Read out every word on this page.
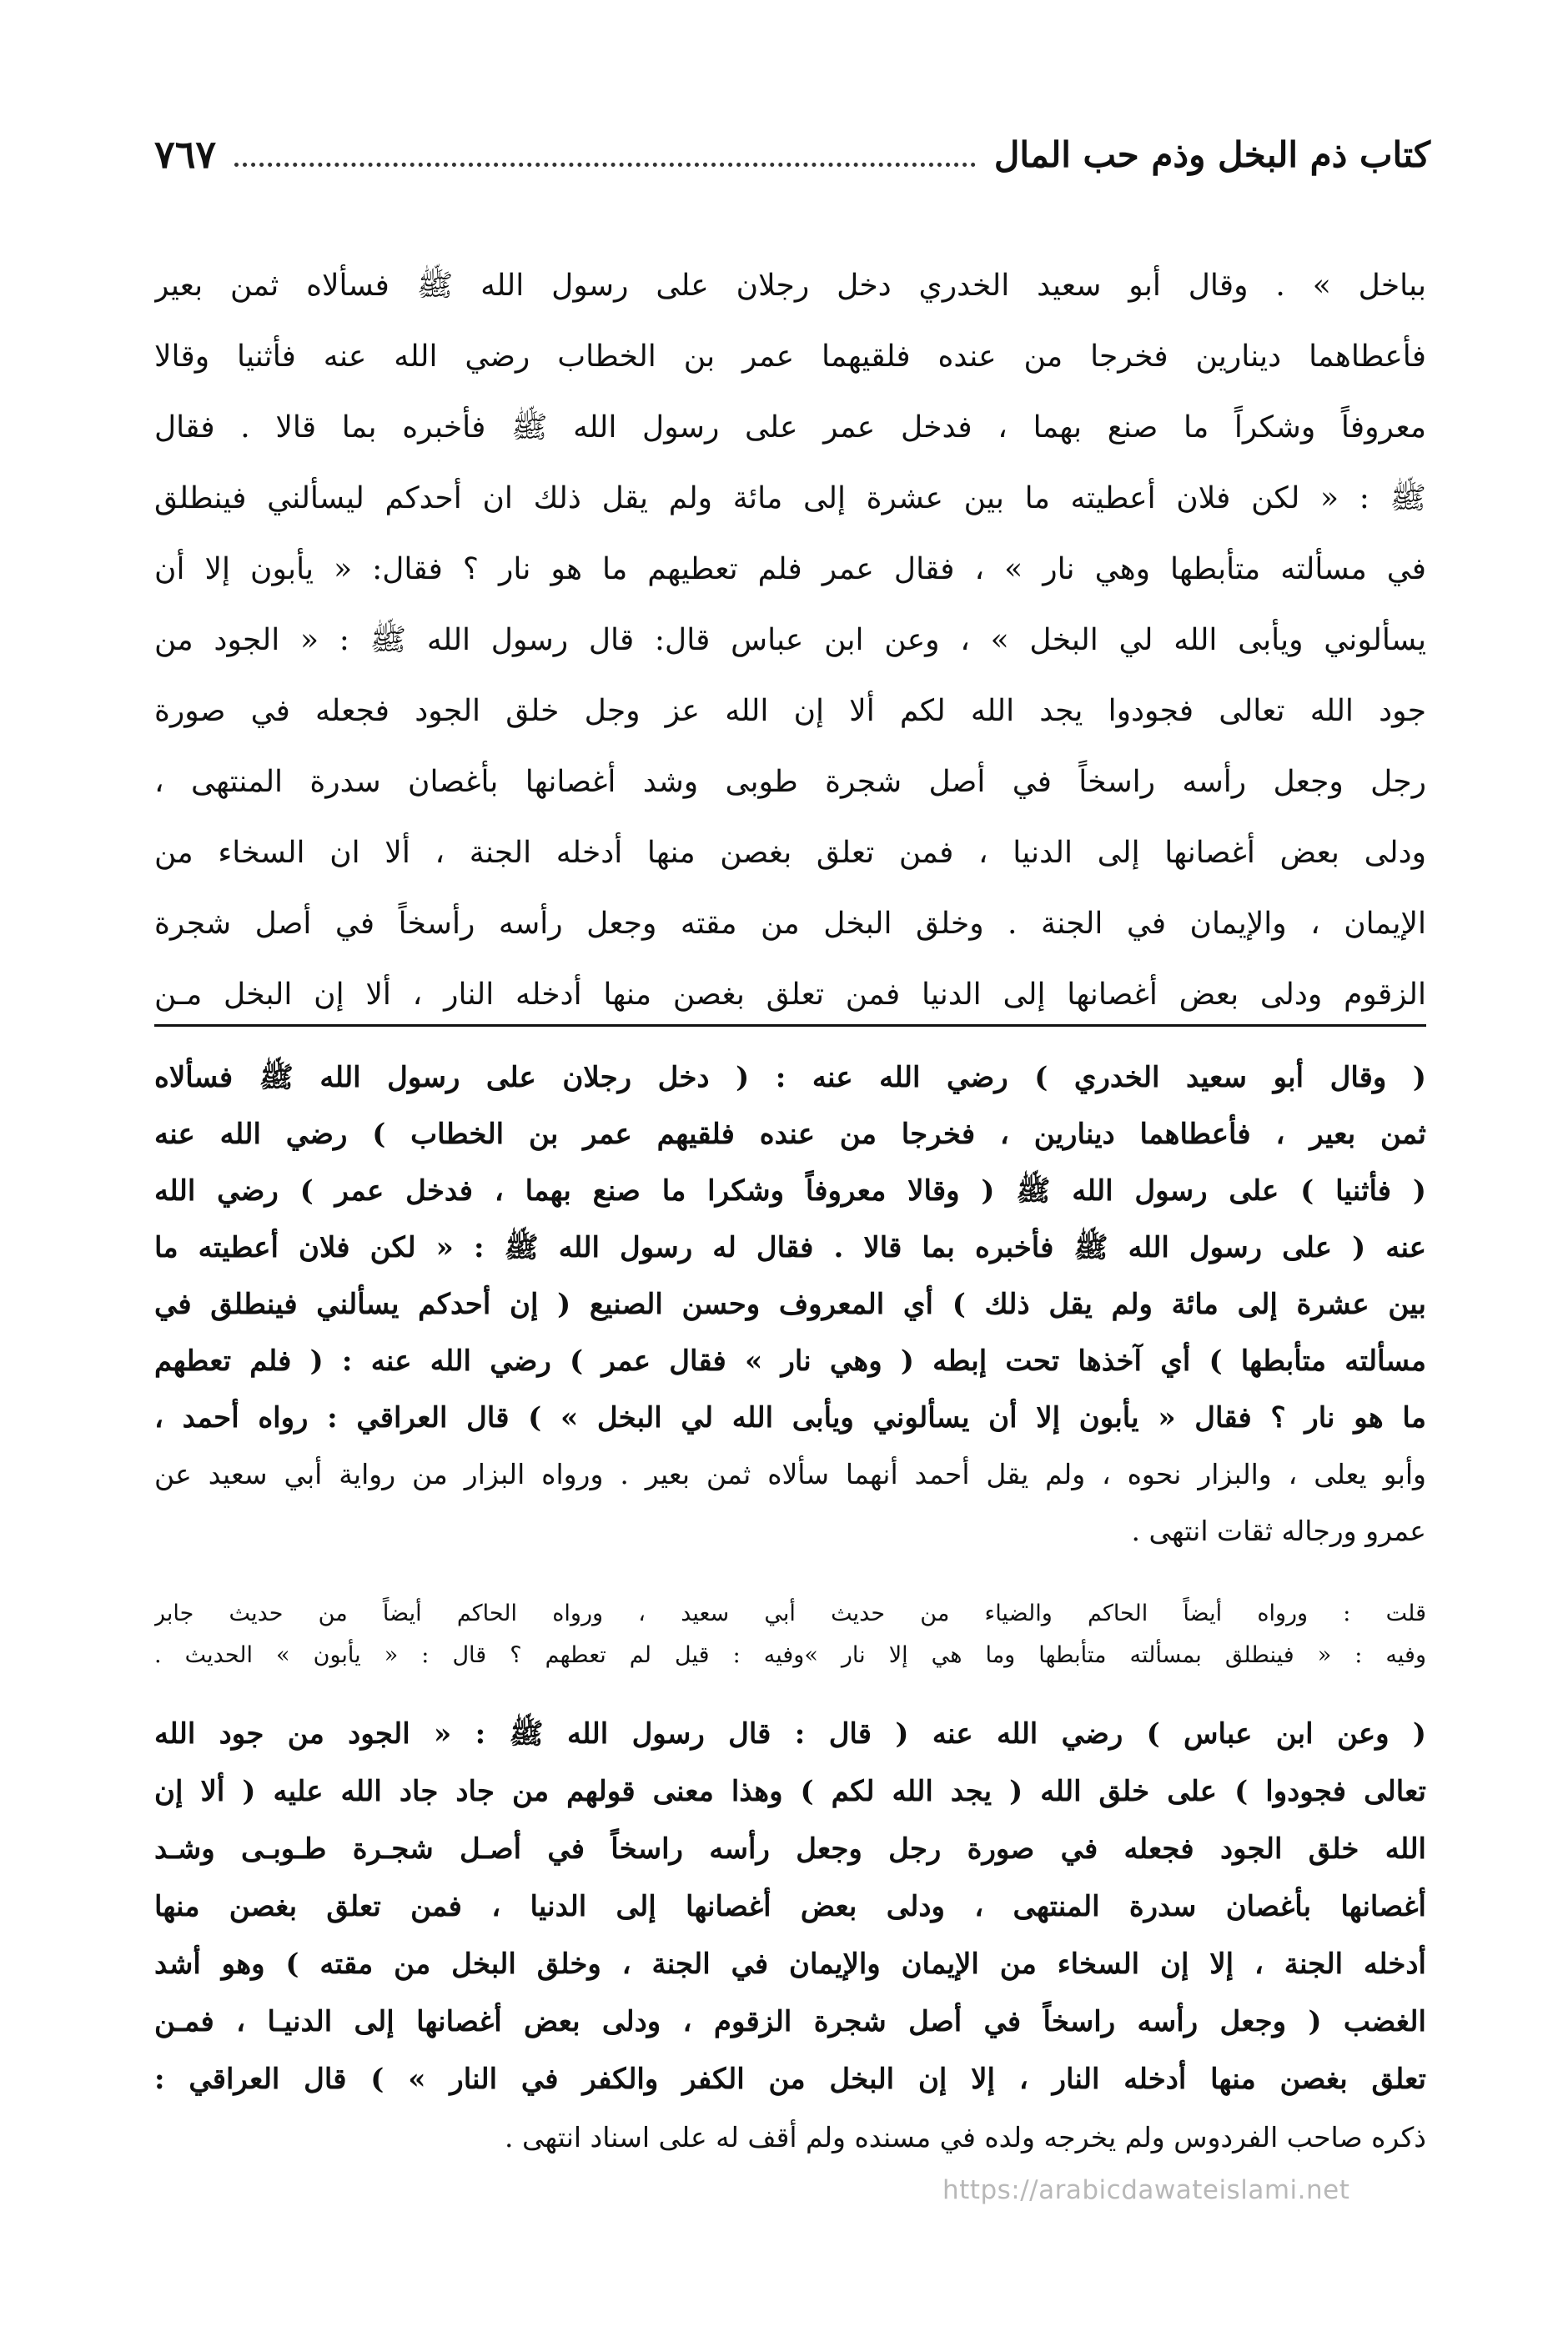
كتاب ذم البخل وذم حب المال
٧٦٧
بباخل » . وقال أبو سعيد الخدري دخل رجلان على رسول الله ﷺ فسألاه ثمن بعير
فأعطاهما دينارين فخرجا من عنده فلقيهما عمر بن الخطاب رضي الله عنه فأثنيا وقالا
معروفاً وشكراً ما صنع بهما ، فدخل عمر على رسول الله ﷺ فأخبره بما قالا . فقال
ﷺ : « لكن فلان أعطيته ما بين عشرة إلى مائة ولم يقل ذلك ان أحدكم ليسألني فينطلق
في مسألته متأبطها وهي نار » ، فقال عمر فلم تعطيهم ما هو نار ؟ فقال: « يأبون إلا أن
يسألوني ويأبى الله لي البخل » ، وعن ابن عباس قال: قال رسول الله ﷺ : « الجود من
جود الله تعالى فجودوا يجد الله لكم ألا إن الله عز وجل خلق الجود فجعله في صورة
رجل وجعل رأسه راسخاً في أصل شجرة طوبى وشد أغصانها بأغصان سدرة المنتهى ،
ودلى بعض أغصانها إلى الدنيا ، فمن تعلق بغصن منها أدخله الجنة ، ألا ان السخاء من
الإيمان ، والإيمان في الجنة . وخلق البخل من مقته وجعل رأسه رأسخاً في أصل شجرة
الزقوم ودلى بعض أغصانها إلى الدنيا فمن تعلق بغصن منها أدخله النار ، ألا إن البخل مـن
( وقال أبو سعيد الخدري ) رضي الله عنه : ( دخل رجلان على رسول الله ﷺ فسألاه
ثمن بعير ، فأعطاهما دينارين ، فخرجا من عنده فلقيهم عمر بن الخطاب ) رضي الله عنه
( فأثنيا ) على رسول الله ﷺ ( وقالا معروفاً وشكرا ما صنع بهما ، فدخل عمر ) رضي الله
عنه ( على رسول الله ﷺ فأخبره بما قالا . فقال له رسول الله ﷺ : « لكن فلان أعطيته ما
بين عشرة إلى مائة ولم يقل ذلك ) أي المعروف وحسن الصنيع ( إن أحدكم يسألني فينطلق في
مسألته متأبطها ) أي آخذها تحت إبطه ( وهي نار » فقال عمر ) رضي الله عنه : ( فلم تعطهم
ما هو نار ؟ فقال « يأبون إلا أن يسألوني ويأبى الله لي البخل » ) قال العراقي : رواه أحمد ،
وأبو يعلى ، والبزار نحوه ، ولم يقل أحمد أنهما سألاه ثمن بعير . ورواه البزار من رواية أبي سعيد عن
عمرو ورجاله ثقات انتهى .
قلت : ورواه أيضاً الحاكم والضياء من حديث أبي سعيد ، ورواه الحاكم أيضاً من حديث جابر
وفيه : « فينطلق بمسألته متأبطها وما هي إلا نار »وفيه : قيل لم تعطهم ؟ قال : « يأبون » الحديث .
( وعن ابن عباس ) رضي الله عنه ( قال : قال رسول الله ﷺ : « الجود من جود الله
تعالى فجودوا ) على خلق الله ( يجد الله لكم ) وهذا معنى قولهم من جاد جاد الله عليه ( ألا إن
الله خلق الجود فجعله في صورة رجل وجعل رأسه راسخاً في أصـل شجـرة طـوبـى وشـد
أغصانها بأغصان سدرة المنتهى ، ودلى بعض أغصانها إلى الدنيا ، فمن تعلق بغصن منها
أدخله الجنة ، إلا إن السخاء من الإيمان والإيمان في الجنة ، وخلق البخل من مقته ) وهو أشد
الغضب ( وجعل رأسه راسخاً في أصل شجرة الزقوم ، ودلى بعض أغصانها إلى الدنيـا ، فمـن
تعلق بغصن منها أدخله النار ، إلا إن البخل من الكفر والكفر في النار » ) قال العراقي :
ذكره صاحب الفردوس ولم يخرجه ولده في مسنده ولم أقف له على اسناد انتهى .
https://arabicdawateislami.net
